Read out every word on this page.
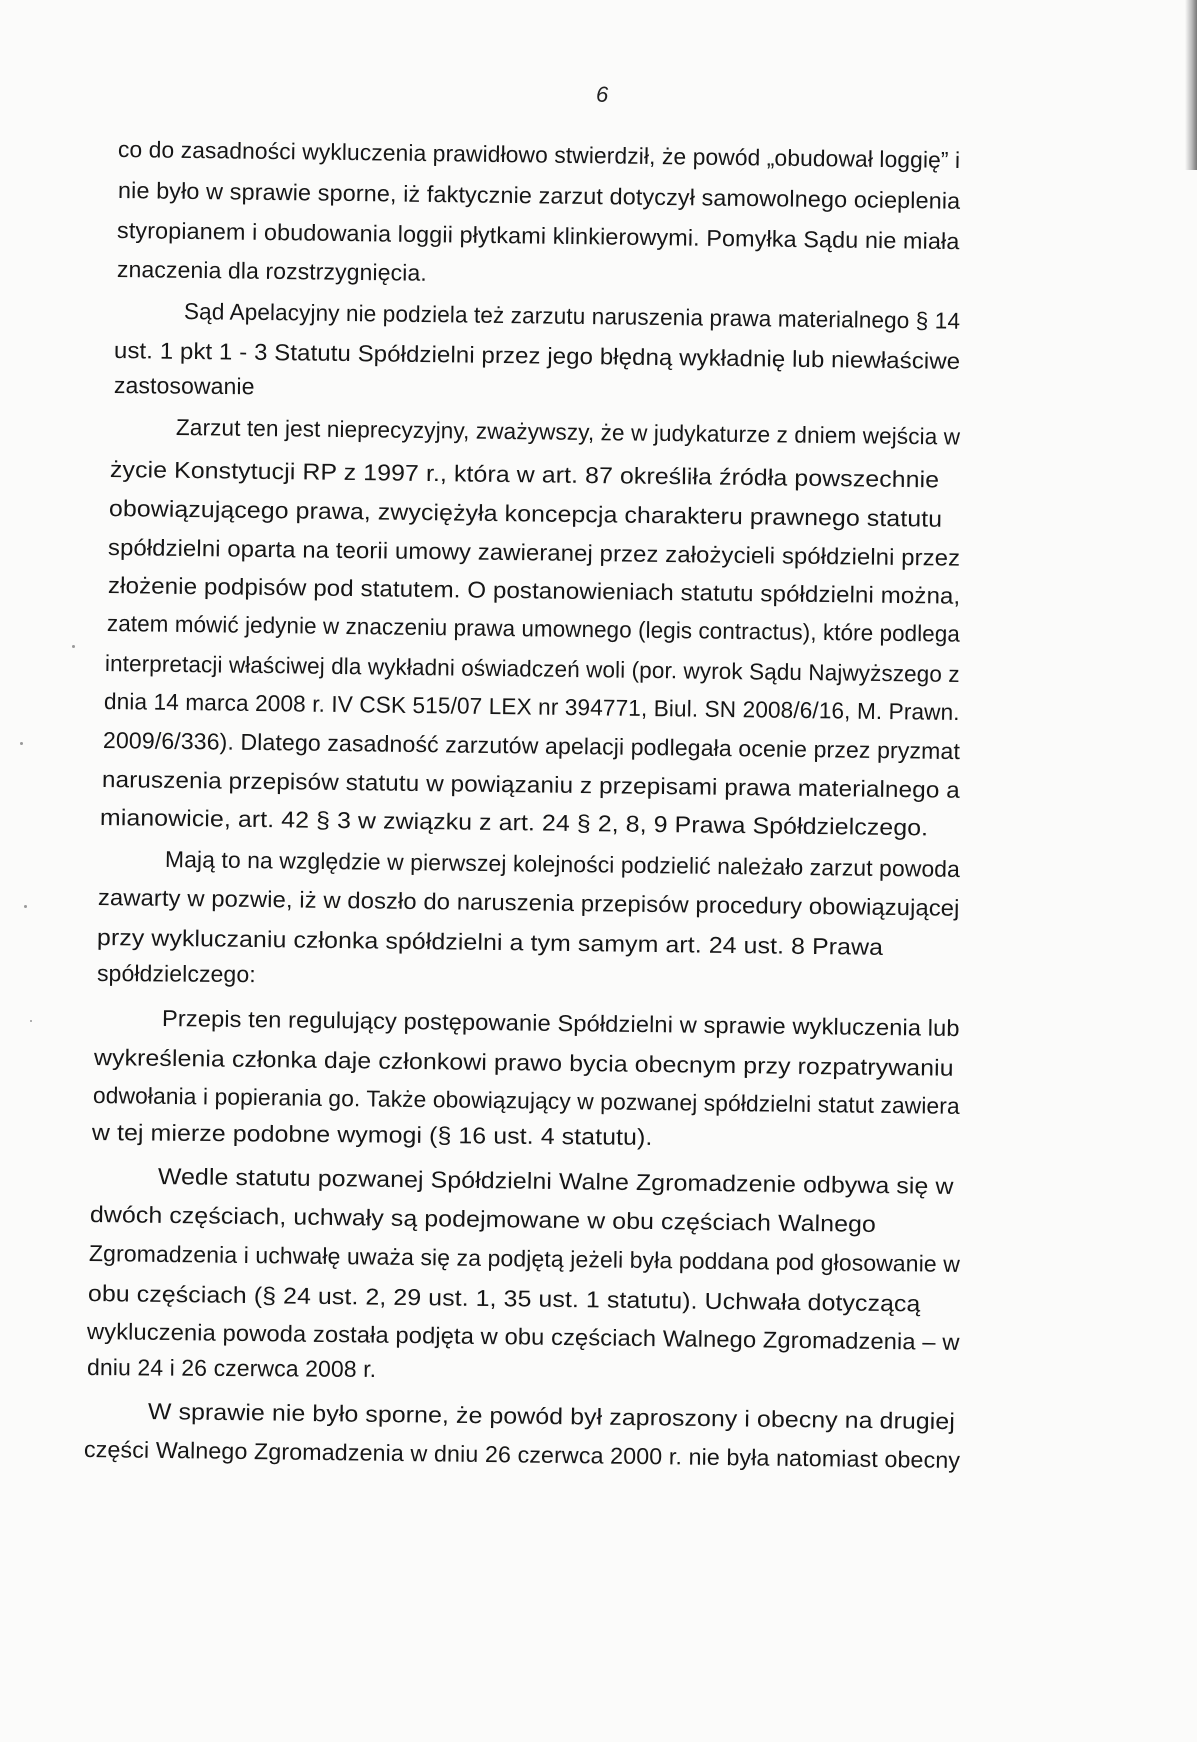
6
co do zasadności wykluczenia prawidłowo stwierdził, że powód „obudował loggię” i
nie było w sprawie sporne, iż faktycznie zarzut dotyczył samowolnego ocieplenia
styropianem i obudowania loggii płytkami klinkierowymi. Pomyłka Sądu nie miała
znaczenia dla rozstrzygnięcia.
Sąd Apelacyjny nie podziela też zarzutu naruszenia prawa materialnego § 14
ust. 1 pkt 1 - 3 Statutu Spółdzielni przez jego błędną wykładnię lub niewłaściwe
zastosowanie
Zarzut ten jest nieprecyzyjny, zważywszy, że w judykaturze z dniem wejścia w
życie Konstytucji RP z 1997 r., która w art. 87 określiła źródła powszechnie
obowiązującego prawa, zwyciężyła koncepcja charakteru prawnego statutu
spółdzielni oparta na teorii umowy zawieranej przez założycieli spółdzielni przez
złożenie podpisów pod statutem. O postanowieniach statutu spółdzielni można,
zatem mówić jedynie w znaczeniu prawa umownego (legis contractus), które podlega
interpretacji właściwej dla wykładni oświadczeń woli (por. wyrok Sądu Najwyższego z
dnia 14 marca 2008 r. IV CSK 515/07 LEX nr 394771, Biul. SN 2008/6/16, M. Prawn.
2009/6/336). Dlatego zasadność zarzutów apelacji podlegała ocenie przez pryzmat
naruszenia przepisów statutu w powiązaniu z przepisami prawa materialnego a
mianowicie, art. 42 § 3 w związku z art. 24 § 2, 8, 9 Prawa Spółdzielczego.
Mają to na względzie w pierwszej kolejności podzielić należało zarzut powoda
zawarty w pozwie, iż w doszło do naruszenia przepisów procedury obowiązującej
przy wykluczaniu członka spółdzielni a tym samym art. 24 ust. 8 Prawa
spółdzielczego:
Przepis ten regulujący postępowanie Spółdzielni w sprawie wykluczenia lub
wykreślenia członka daje członkowi prawo bycia obecnym przy rozpatrywaniu
odwołania i popierania go. Także obowiązujący w pozwanej spółdzielni statut zawiera
w tej mierze podobne wymogi (§ 16 ust. 4 statutu).
Wedle statutu pozwanej Spółdzielni Walne Zgromadzenie odbywa się w
dwóch częściach, uchwały są podejmowane w obu częściach Walnego
Zgromadzenia i uchwałę uważa się za podjętą jeżeli była poddana pod głosowanie w
obu częściach (§ 24 ust. 2, 29 ust. 1, 35 ust. 1 statutu). Uchwała dotyczącą
wykluczenia powoda została podjęta w obu częściach Walnego Zgromadzenia – w
dniu 24 i 26 czerwca 2008 r.
W sprawie nie było sporne, że powód był zaproszony i obecny na drugiej
części Walnego Zgromadzenia w dniu 26 czerwca 2000 r. nie była natomiast obecny
